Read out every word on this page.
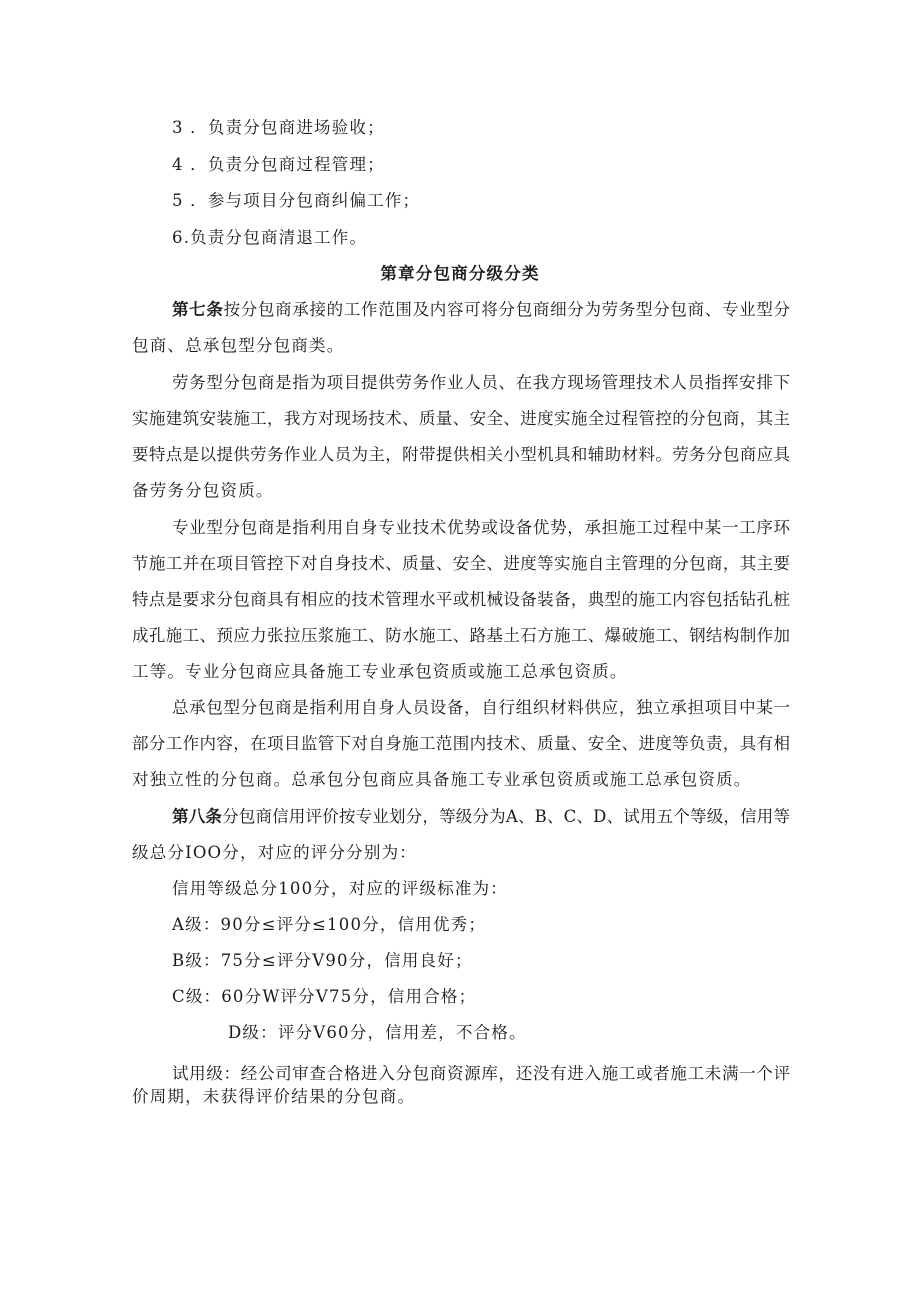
3 ．负责分包商进场验收；
4 ．负责分包商过程管理；
5 ．参与项目分包商纠偏工作；
6.负责分包商清退工作。
第章分包商分级分类
第七条按分包商承接的工作范围及内容可将分包商细分为劳务型分包商、专业型分
包商、总承包型分包商类。
劳务型分包商是指为项目提供劳务作业人员、在我方现场管理技术人员指挥安排下
实施建筑安装施工，我方对现场技术、质量、安全、进度实施全过程管控的分包商，其主
要特点是以提供劳务作业人员为主，附带提供相关小型机具和辅助材料。劳务分包商应具
备劳务分包资质。
专业型分包商是指利用自身专业技术优势或设备优势，承担施工过程中某一工序环
节施工并在项目管控下对自身技术、质量、安全、进度等实施自主管理的分包商，其主要
特点是要求分包商具有相应的技术管理水平或机械设备装备，典型的施工内容包括钻孔桩
成孔施工、预应力张拉压浆施工、防水施工、路基土石方施工、爆破施工、钢结构制作加
工等。专业分包商应具备施工专业承包资质或施工总承包资质。
总承包型分包商是指利用自身人员设备，自行组织材料供应，独立承担项目中某一
部分工作内容，在项目监管下对自身施工范围内技术、质量、安全、进度等负责，具有相
对独立性的分包商。总承包分包商应具备施工专业承包资质或施工总承包资质。
第八条分包商信用评价按专业划分，等级分为A、B、C、D、试用五个等级，信用等
级总分IOO分，对应的评分分别为：
信用等级总分100分，对应的评级标准为：
A级：90分≤评分≤100分，信用优秀；
B级：75分≤评分V90分，信用良好；
C级：60分W评分V75分，信用合格；
D级：评分V60分，信用差，不合格。
试用级：经公司审查合格进入分包商资源库，还没有进入施工或者施工未满一个评
价周期，未获得评价结果的分包商。
